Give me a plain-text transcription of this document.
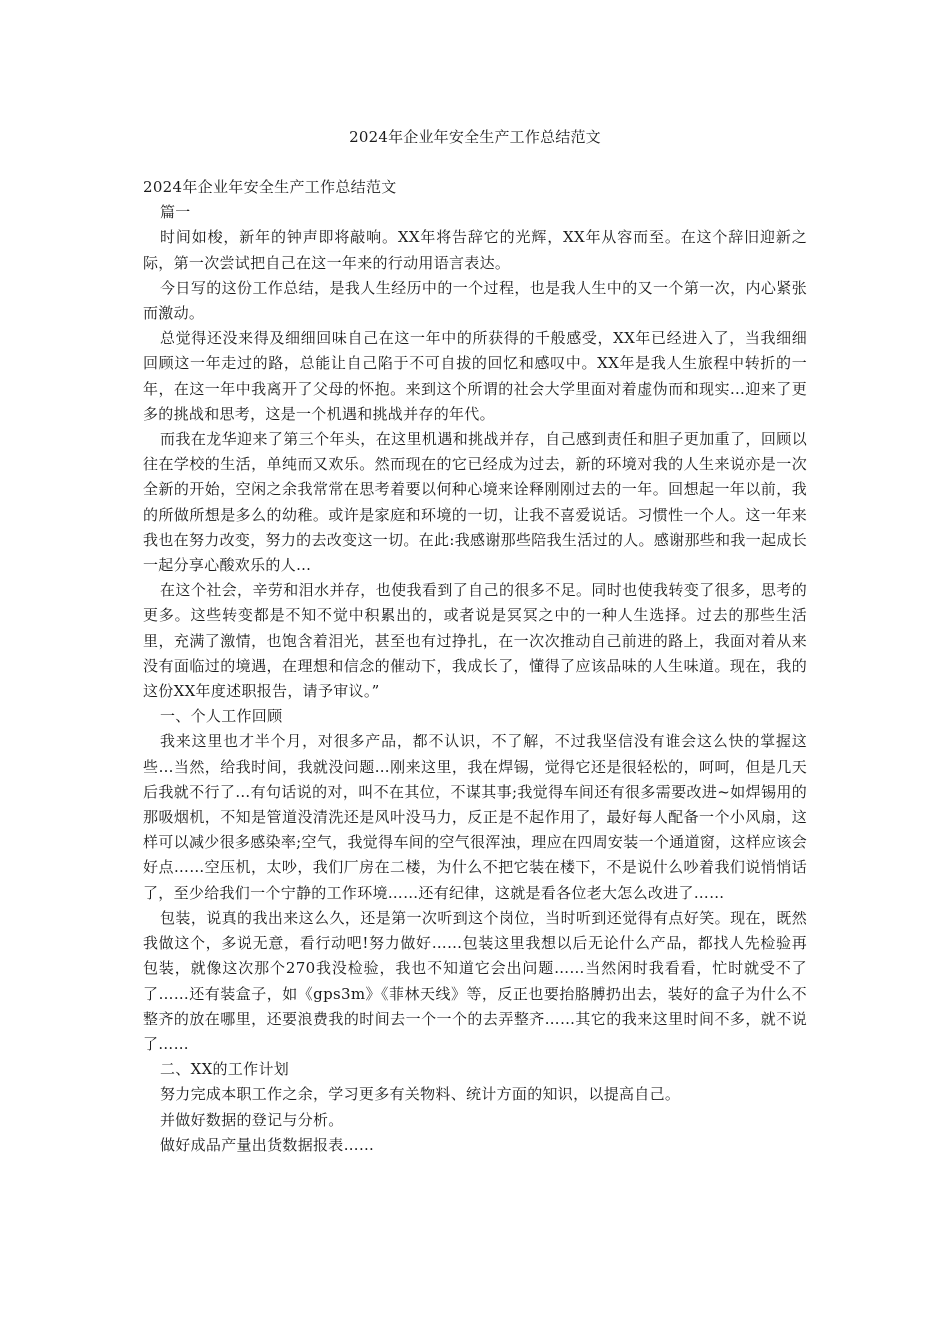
2024年企业年安全生产工作总结范文

2024年企业年安全生产工作总结范文

篇一

时间如梭，新年的钟声即将敲响。XX年将告辞它的光辉，XX年从容而至。在这个辞旧迎新之际，第一次尝试把自己在这一年来的行动用语言表达。

今日写的这份工作总结，是我人生经历中的一个过程，也是我人生中的又一个第一次，内心紧张而激动。

总觉得还没来得及细细回味自己在这一年中的所获得的千般感受，XX年已经进入了，当我细细回顾这一年走过的路，总能让自己陷于不可自拔的回忆和感叹中。XX年是我人生旅程中转折的一年，在这一年中我离开了父母的怀抱。来到这个所谓的社会大学里面对着虚伪而和现实…迎来了更多的挑战和思考，这是一个机遇和挑战并存的年代。

而我在龙华迎来了第三个年头，在这里机遇和挑战并存，自己感到责任和胆子更加重了，回顾以往在学校的生活，单纯而又欢乐。然而现在的它已经成为过去，新的环境对我的人生来说亦是一次全新的开始，空闲之余我常常在思考着要以何种心境来诠释刚刚过去的一年。回想起一年以前，我的所做所想是多么的幼稚。或许是家庭和环境的一切，让我不喜爱说话。习惯性一个人。这一年来我也在努力改变，努力的去改变这一切。在此:我感谢那些陪我生活过的人。感谢那些和我一起成长一起分享心酸欢乐的人…

在这个社会，辛劳和泪水并存，也使我看到了自己的很多不足。同时也使我转变了很多，思考的更多。这些转变都是不知不觉中积累出的，或者说是冥冥之中的一种人生选择。过去的那些生活里，充满了激情，也饱含着泪光，甚至也有过挣扎，在一次次推动自己前进的路上，我面对着从来没有面临过的境遇，在理想和信念的催动下，我成长了，懂得了应该品味的人生味道。现在，我的这份XX年度述职报告，请予审议。”

一、个人工作回顾

我来这里也才半个月，对很多产品，都不认识，不了解，不过我坚信没有谁会这么快的掌握这些…当然，给我时间，我就没问题…刚来这里，我在焊锡，觉得它还是很轻松的，呵呵，但是几天后我就不行了…有句话说的对，叫不在其位，不谋其事;我觉得车间还有很多需要改进~如焊锡用的那吸烟机，不知是管道没清洗还是风叶没马力，反正是不起作用了，最好每人配备一个小风扇，这样可以减少很多感染率;空气，我觉得车间的空气很浑浊，理应在四周安装一个通道窗，这样应该会好点……空压机，太吵，我们厂房在二楼，为什么不把它装在楼下，不是说什么吵着我们说悄悄话了，至少给我们一个宁静的工作环境……还有纪律，这就是看各位老大怎么改进了……

包装，说真的我出来这么久，还是第一次听到这个岗位，当时听到还觉得有点好笑。现在，既然我做这个，多说无意，看行动吧!努力做好……包装这里我想以后无论什么产品，都找人先检验再包装，就像这次那个270我没检验，我也不知道它会出问题……当然闲时我看看，忙时就受不了了……还有装盒子，如《gps3m》《菲林天线》等，反正也要抬胳膊扔出去，装好的盒子为什么不整齐的放在哪里，还要浪费我的时间去一个一个的去弄整齐……其它的我来这里时间不多，就不说了……

二、XX的工作计划

努力完成本职工作之余，学习更多有关物料、统计方面的知识，以提高自己。

并做好数据的登记与分析。

做好成品产量出货数据报表……
